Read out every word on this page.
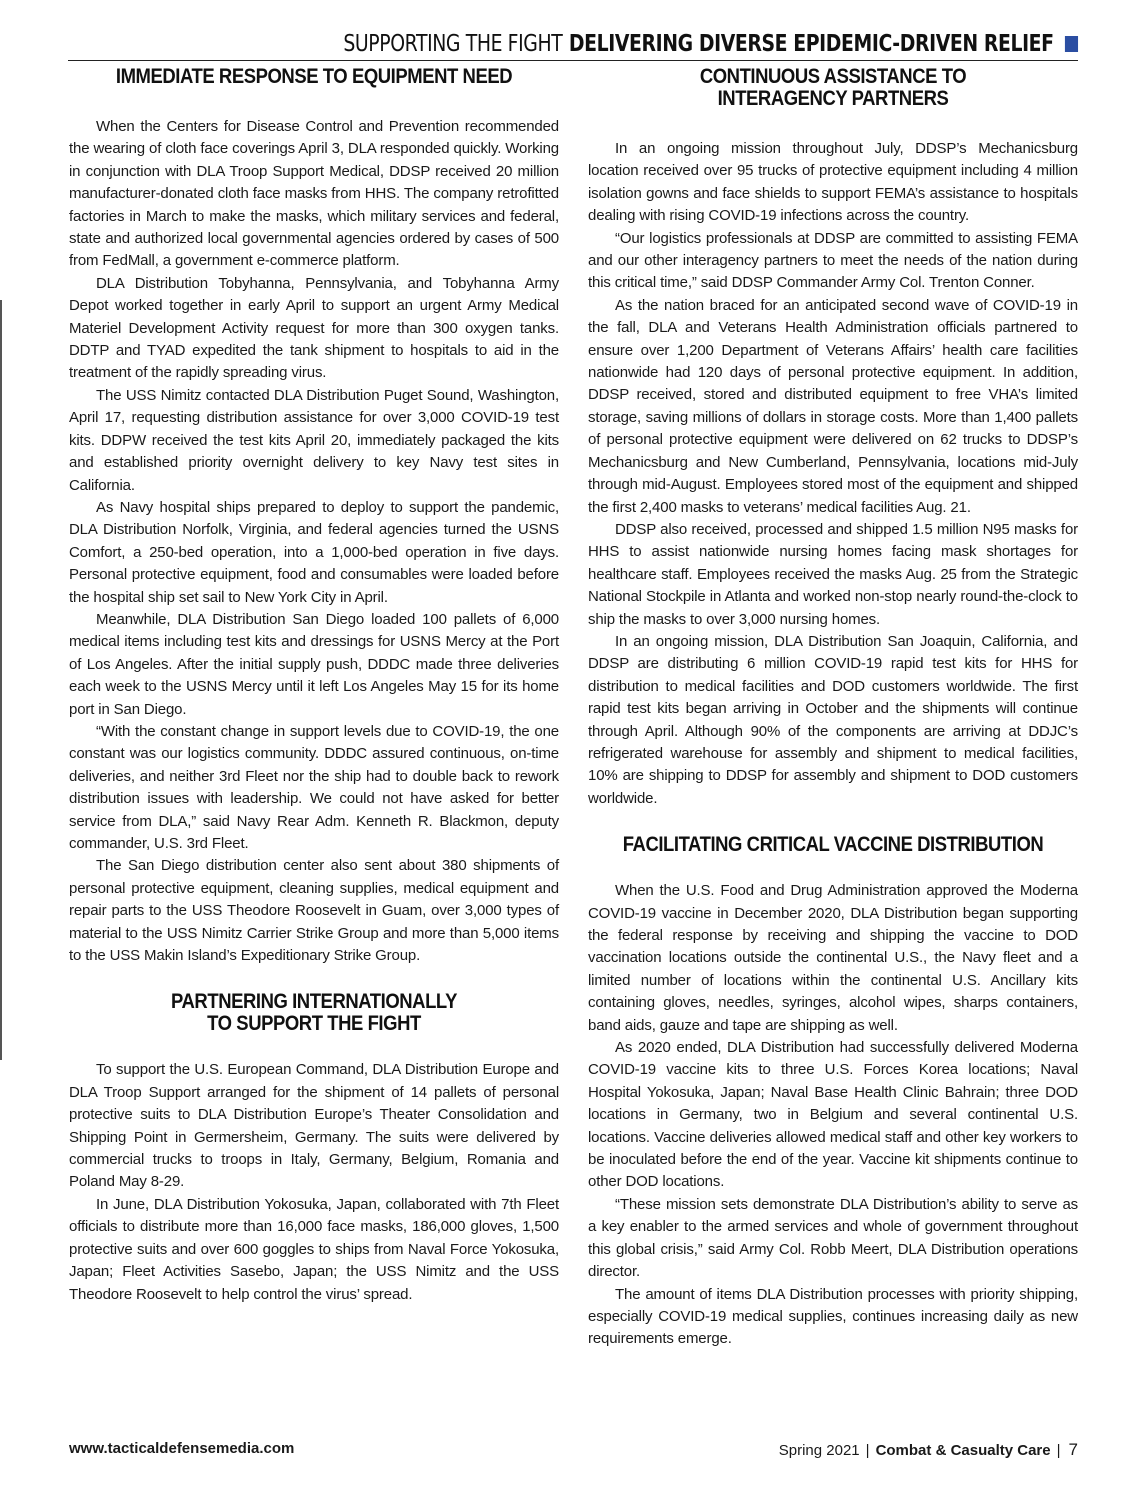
SUPPORTING THE FIGHT DELIVERING DIVERSE EPIDEMIC-DRIVEN RELIEF
IMMEDIATE RESPONSE TO EQUIPMENT NEED

When the Centers for Disease Control and Prevention recommended the wearing of cloth face coverings April 3, DLA responded quickly. Working in conjunction with DLA Troop Support Medical, DDSP received 20 million manufacturer-donated cloth face masks from HHS. The company retrofitted factories in March to make the masks, which military services and federal, state and authorized local governmental agencies ordered by cases of 500 from FedMall, a government e-commerce platform.

DLA Distribution Tobyhanna, Pennsylvania, and Tobyhanna Army Depot worked together in early April to support an urgent Army Medical Materiel Development Activity request for more than 300 oxygen tanks. DDTP and TYAD expedited the tank shipment to hospitals to aid in the treatment of the rapidly spreading virus.

The USS Nimitz contacted DLA Distribution Puget Sound, Washington, April 17, requesting distribution assistance for over 3,000 COVID-19 test kits. DDPW received the test kits April 20, immediately packaged the kits and established priority overnight delivery to key Navy test sites in California.

As Navy hospital ships prepared to deploy to support the pandemic, DLA Distribution Norfolk, Virginia, and federal agencies turned the USNS Comfort, a 250-bed operation, into a 1,000-bed operation in five days. Personal protective equipment, food and consumables were loaded before the hospital ship set sail to New York City in April.

Meanwhile, DLA Distribution San Diego loaded 100 pallets of 6,000 medical items including test kits and dressings for USNS Mercy at the Port of Los Angeles. After the initial supply push, DDDC made three deliveries each week to the USNS Mercy until it left Los Angeles May 15 for its home port in San Diego.

“With the constant change in support levels due to COVID-19, the one constant was our logistics community. DDDC assured continuous, on-time deliveries, and neither 3rd Fleet nor the ship had to double back to rework distribution issues with leadership. We could not have asked for better service from DLA,” said Navy Rear Adm. Kenneth R. Blackmon, deputy commander, U.S. 3rd Fleet.

The San Diego distribution center also sent about 380 shipments of personal protective equipment, cleaning supplies, medical equipment and repair parts to the USS Theodore Roosevelt in Guam, over 3,000 types of material to the USS Nimitz Carrier Strike Group and more than 5,000 items to the USS Makin Island’s Expeditionary Strike Group.

PARTNERING INTERNATIONALLY
TO SUPPORT THE FIGHT

To support the U.S. European Command, DLA Distribution Europe and DLA Troop Support arranged for the shipment of 14 pallets of personal protective suits to DLA Distribution Europe’s Theater Consolidation and Shipping Point in Germersheim, Germany. The suits were delivered by commercial trucks to troops in Italy, Germany, Belgium, Romania and Poland May 8-29.

In June, DLA Distribution Yokosuka, Japan, collaborated with 7th Fleet officials to distribute more than 16,000 face masks, 186,000 gloves, 1,500 protective suits and over 600 goggles to ships from Naval Force Yokosuka, Japan; Fleet Activities Sasebo, Japan; the USS Nimitz and the USS Theodore Roosevelt to help control the virus’ spread.

CONTINUOUS ASSISTANCE TO
INTERAGENCY PARTNERS

In an ongoing mission throughout July, DDSP’s Mechanicsburg location received over 95 trucks of protective equipment including 4 million isolation gowns and face shields to support FEMA’s assistance to hospitals dealing with rising COVID-19 infections across the country.

“Our logistics professionals at DDSP are committed to assisting FEMA and our other interagency partners to meet the needs of the nation during this critical time,” said DDSP Commander Army Col. Trenton Conner.

As the nation braced for an anticipated second wave of COVID-19 in the fall, DLA and Veterans Health Administration officials partnered to ensure over 1,200 Department of Veterans Affairs’ health care facilities nationwide had 120 days of personal protective equipment. In addition, DDSP received, stored and distributed equipment to free VHA’s limited storage, saving millions of dollars in storage costs. More than 1,400 pallets of personal protective equipment were delivered on 62 trucks to DDSP’s Mechanicsburg and New Cumberland, Pennsylvania, locations mid-July through mid-August. Employees stored most of the equipment and shipped the first 2,400 masks to veterans’ medical facilities Aug. 21.

DDSP also received, processed and shipped 1.5 million N95 masks for HHS to assist nationwide nursing homes facing mask shortages for healthcare staff. Employees received the masks Aug. 25 from the Strategic National Stockpile in Atlanta and worked non-stop nearly round-the-clock to ship the masks to over 3,000 nursing homes.

In an ongoing mission, DLA Distribution San Joaquin, California, and DDSP are distributing 6 million COVID-19 rapid test kits for HHS for distribution to medical facilities and DOD customers worldwide. The first rapid test kits began arriving in October and the shipments will continue through April. Although 90% of the components are arriving at DDJC’s refrigerated warehouse for assembly and shipment to medical facilities, 10% are shipping to DDSP for assembly and shipment to DOD customers worldwide.

FACILITATING CRITICAL VACCINE DISTRIBUTION

When the U.S. Food and Drug Administration approved the Moderna COVID-19 vaccine in December 2020, DLA Distribution began supporting the federal response by receiving and shipping the vaccine to DOD vaccination locations outside the continental U.S., the Navy fleet and a limited number of locations within the continental U.S. Ancillary kits containing gloves, needles, syringes, alcohol wipes, sharps containers, band aids, gauze and tape are shipping as well.

As 2020 ended, DLA Distribution had successfully delivered Moderna COVID-19 vaccine kits to three U.S. Forces Korea locations; Naval Hospital Yokosuka, Japan; Naval Base Health Clinic Bahrain; three DOD locations in Germany, two in Belgium and several continental U.S. locations. Vaccine deliveries allowed medical staff and other key workers to be inoculated before the end of the year. Vaccine kit shipments continue to other DOD locations.

“These mission sets demonstrate DLA Distribution’s ability to serve as a key enabler to the armed services and whole of government throughout this global crisis,” said Army Col. Robb Meert, DLA Distribution operations director.

The amount of items DLA Distribution processes with priority shipping, especially COVID-19 medical supplies, continues increasing daily as new requirements emerge.

www.tacticaldefensemedia.com	Spring 2021 | Combat & Casualty Care | 7
